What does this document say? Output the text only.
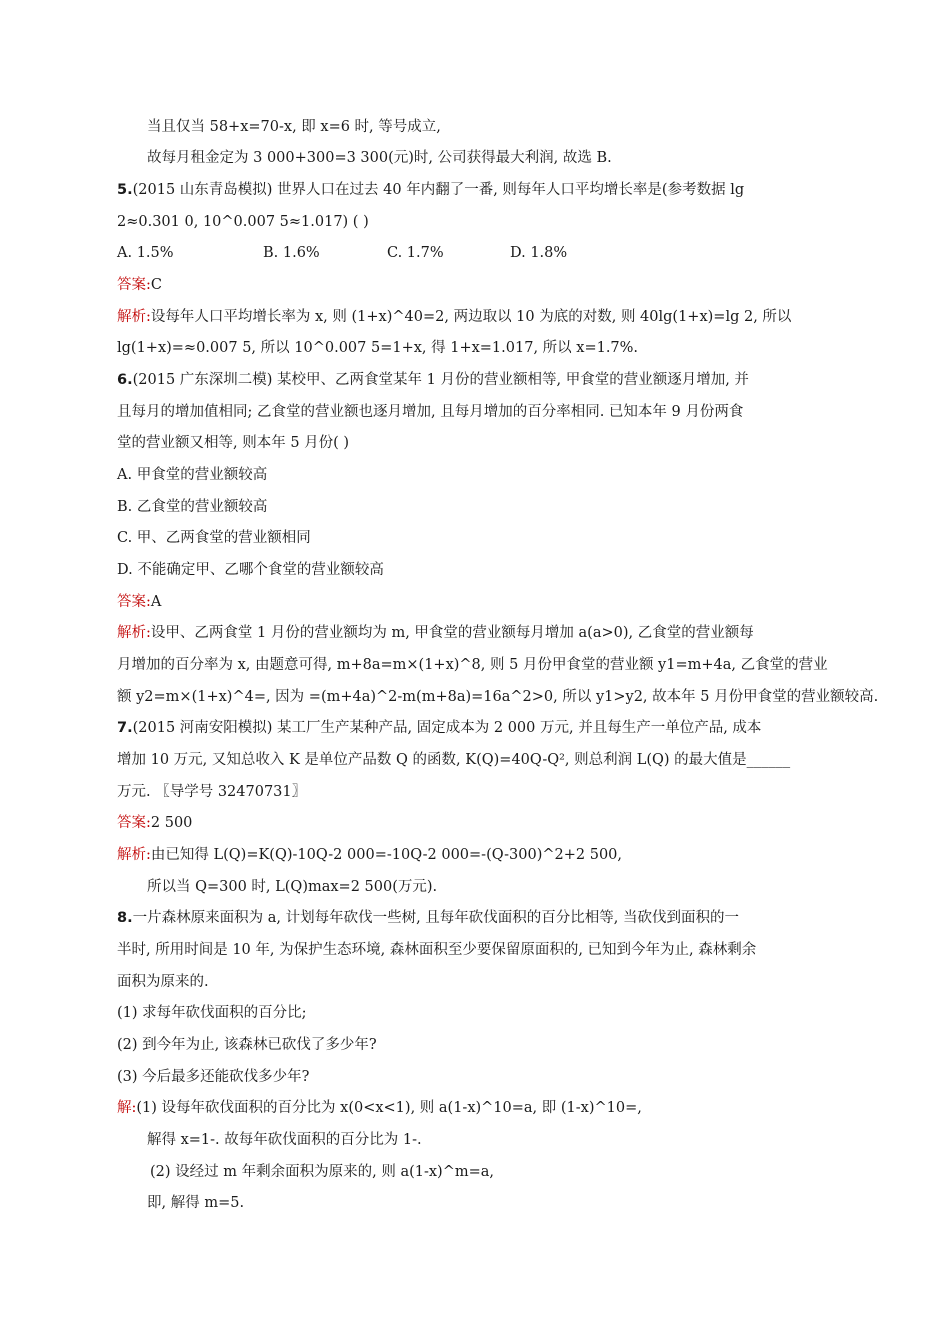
当且仅当 58+x=70-x, 即 x=6 时, 等号成立,
故每月租金定为 3 000+300=3 300(元)时, 公司获得最大利润, 故选 B.
5.(2015 山东青岛模拟) 世界人口在过去 40 年内翻了一番, 则每年人口平均增长率是(参考数据 lg
2≈0.301 0, 10^0.007 5≈1.017) ( )
A. 1.5%	B. 1.6%	C. 1.7%	D. 1.8%
答案:C
解析:设每年人口平均增长率为 x, 则 (1+x)^40=2, 两边取以 10 为底的对数, 则 40lg(1+x)=lg 2, 所以
lg(1+x)=≈0.007 5, 所以 10^0.007 5=1+x, 得 1+x=1.017, 所以 x=1.7%.
6.(2015 广东深圳二模) 某校甲、乙两食堂某年 1 月份的营业额相等, 甲食堂的营业额逐月增加, 并
且每月的增加值相同; 乙食堂的营业额也逐月增加, 且每月增加的百分率相同. 已知本年 9 月份两食
堂的营业额又相等, 则本年 5 月份( )
A. 甲食堂的营业额较高
B. 乙食堂的营业额较高
C. 甲、乙两食堂的营业额相同
D. 不能确定甲、乙哪个食堂的营业额较高
答案:A
解析:设甲、乙两食堂 1 月份的营业额均为 m, 甲食堂的营业额每月增加 a(a>0), 乙食堂的营业额每
月增加的百分率为 x, 由题意可得, m+8a=m×(1+x)^8, 则 5 月份甲食堂的营业额 y1=m+4a, 乙食堂的营业
额 y2=m×(1+x)^4=, 因为 =(m+4a)^2-m(m+8a)=16a^2>0, 所以 y1>y2, 故本年 5 月份甲食堂的营业额较高.
7.(2015 河南安阳模拟) 某工厂生产某种产品, 固定成本为 2 000 万元, 并且每生产一单位产品, 成本
增加 10 万元, 又知总收入 K 是单位产品数 Q 的函数, K(Q)=40Q-Q², 则总利润 L(Q) 的最大值是______
万元. 〖导学号 32470731〗
答案:2 500
解析:由已知得 L(Q)=K(Q)-10Q-2 000=-10Q-2 000=-(Q-300)^2+2 500,
所以当 Q=300 时, L(Q)max=2 500(万元).
8.一片森林原来面积为 a, 计划每年砍伐一些树, 且每年砍伐面积的百分比相等, 当砍伐到面积的一
半时, 所用时间是 10 年, 为保护生态环境, 森林面积至少要保留原面积的, 已知到今年为止, 森林剩余
面积为原来的.
(1) 求每年砍伐面积的百分比;
(2) 到今年为止, 该森林已砍伐了多少年?
(3) 今后最多还能砍伐多少年?
解:(1) 设每年砍伐面积的百分比为 x(0<x<1), 则 a(1-x)^10=a, 即 (1-x)^10=,
解得 x=1-. 故每年砍伐面积的百分比为 1-.
(2) 设经过 m 年剩余面积为原来的, 则 a(1-x)^m=a,
即, 解得 m=5.
